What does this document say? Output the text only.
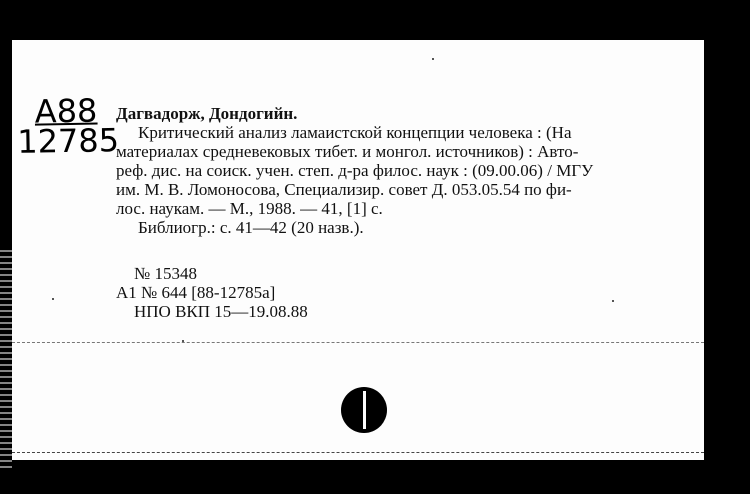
A88
12785
Дагвадорж, Дондогийн.
Критический анализ ламаистской концепции человека : (На
материалах средневековых тибет. и монгол. источников) : Авто-
реф. дис. на соиск. учен. степ. д-ра филос. наук : (09.00.06) / МГУ
им. М. В. Ломоносова, Специализир. совет Д. 053.05.54 по фи-
лос. наукам. — М., 1988. — 41, [1] с.
Библиогр.: с. 41—42 (20 назв.).
№ 15348
А1 № 644 [88-12785а]
НПО ВКП 15—19.08.88
